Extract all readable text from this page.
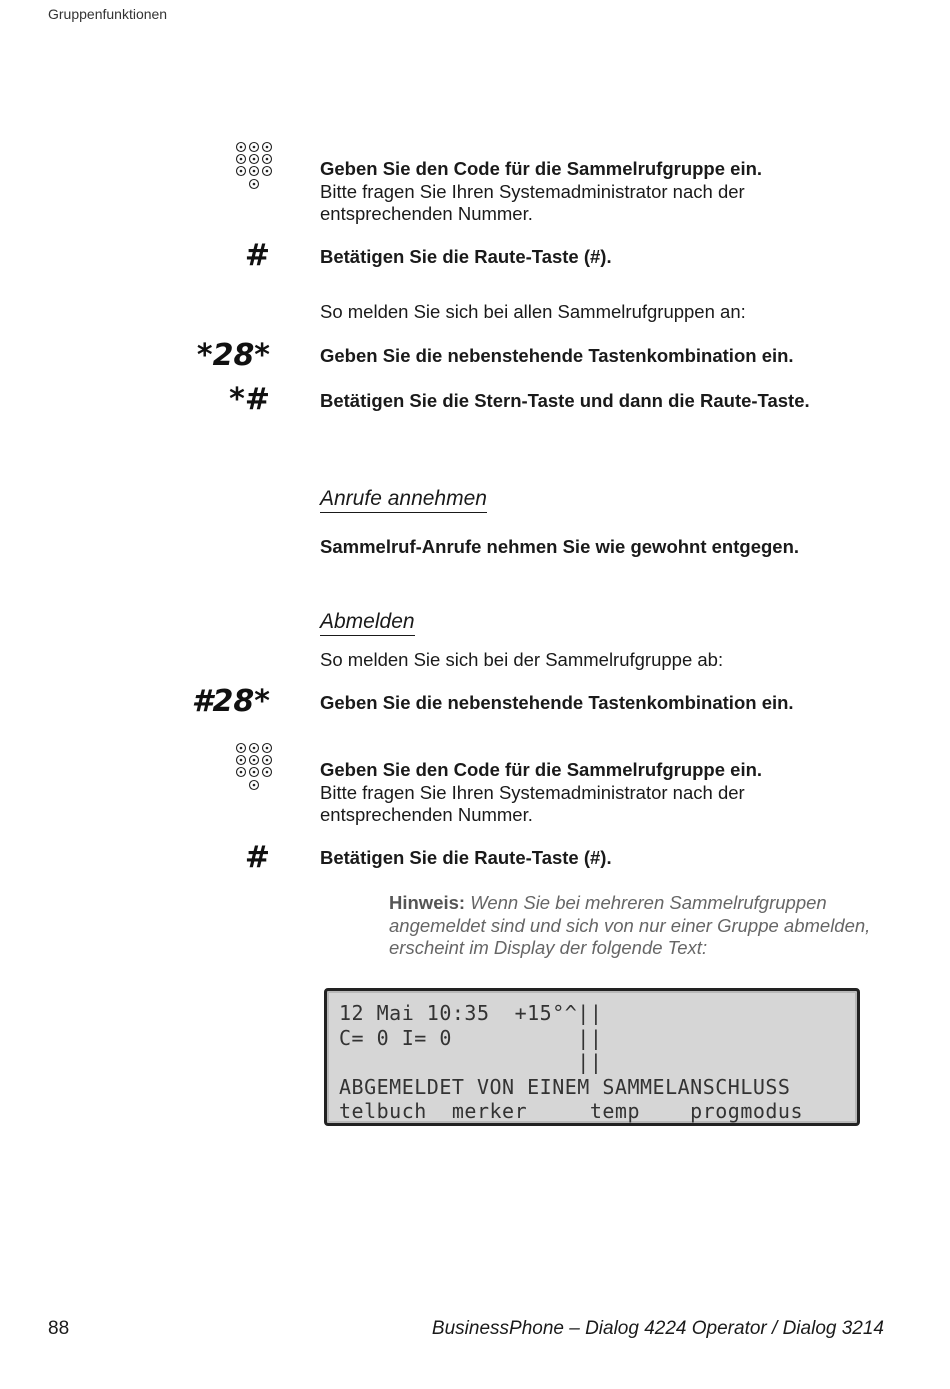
Gruppenfunktionen
Geben Sie den Code für die Sammelrufgruppe ein.
Bitte fragen Sie Ihren Systemadministrator nach der entsprechenden Nummer.
#	Betätigen Sie die Raute-Taste (#).
So melden Sie sich bei allen Sammelrufgruppen an:
*28*	Geben Sie die nebenstehende Tastenkombination ein.
*#	Betätigen Sie die Stern-Taste und dann die Raute-Taste.
Anrufe annehmen
Sammelruf-Anrufe nehmen Sie wie gewohnt entgegen.
Abmelden
So melden Sie sich bei der Sammelrufgruppe ab:
#28*	Geben Sie die nebenstehende Tastenkombination ein.
Geben Sie den Code für die Sammelrufgruppe ein.
Bitte fragen Sie Ihren Systemadministrator nach der entsprechenden Nummer.
#	Betätigen Sie die Raute-Taste (#).
Hinweis: Wenn Sie bei mehreren Sammelrufgruppen angemeldet sind und sich von nur einer Gruppe abmelden, erscheint im Display der folgende Text:
12 Mai 10:35  +15°^||
C= 0 I= 0          ||
||
ABGEMELDET VON EINEM SAMMELANSCHLUSS
telbuch  merker     temp    progmodus
88	BusinessPhone – Dialog 4224 Operator / Dialog 3214
